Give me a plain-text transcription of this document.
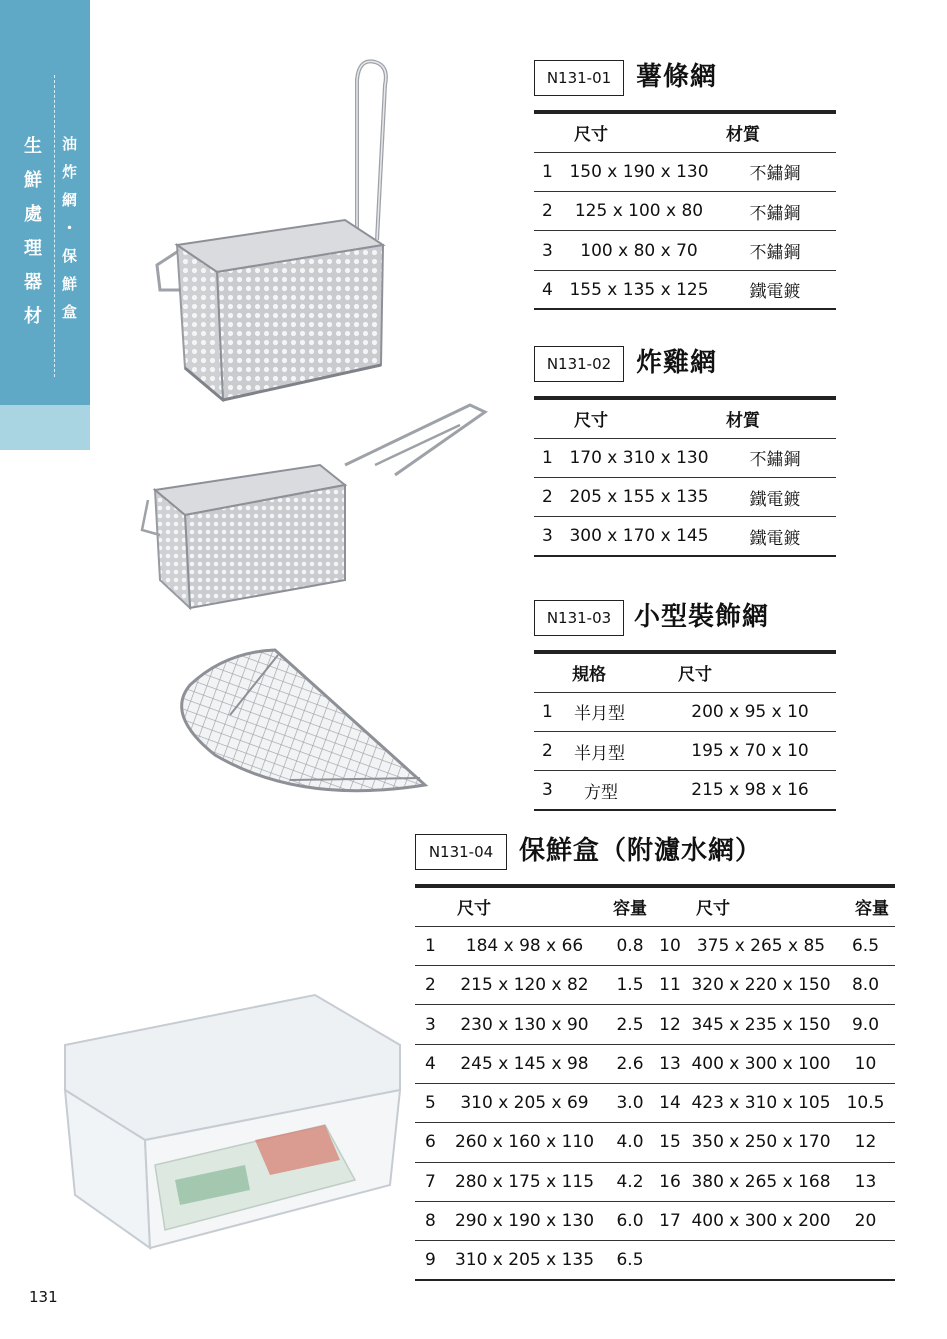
生
鮮
處
理
器
材
油
炸
網
・
保
鮮
盒
N131-01 薯條網
	尺寸	材質
1	150 x 190 x 130	不鏽鋼
2	125 x 100 x 80	不鏽鋼
3	100 x 80 x 70	不鏽鋼
4	155 x 135 x 125	鐵電鍍
N131-02 炸雞網
	尺寸	材質
1	170 x 310 x 130	不鏽鋼
2	205 x 155 x 135	鐵電鍍
3	300 x 170 x 145	鐵電鍍
N131-03 小型裝飾網
	規格	尺寸
1	半月型	200 x 95 x 10
2	半月型	195 x 70 x 10
3	方型	215 x 98 x 16
N131-04 保鮮盒（附濾水網）
	尺寸	容量		尺寸	容量
1	184 x 98 x 66	0.8	10	375 x 265 x 85	6.5
2	215 x 120 x 82	1.5	11	320 x 220 x 150	8.0
3	230 x 130 x 90	2.5	12	345 x 235 x 150	9.0
4	245 x 145 x 98	2.6	13	400 x 300 x 100	10
5	310 x 205 x 69	3.0	14	423 x 310 x 105	10.5
6	260 x 160 x 110	4.0	15	350 x 250 x 170	12
7	280 x 175 x 115	4.2	16	380 x 265 x 168	13
8	290 x 190 x 130	6.0	17	400 x 300 x 200	20
9	310 x 205 x 135	6.5			
131
